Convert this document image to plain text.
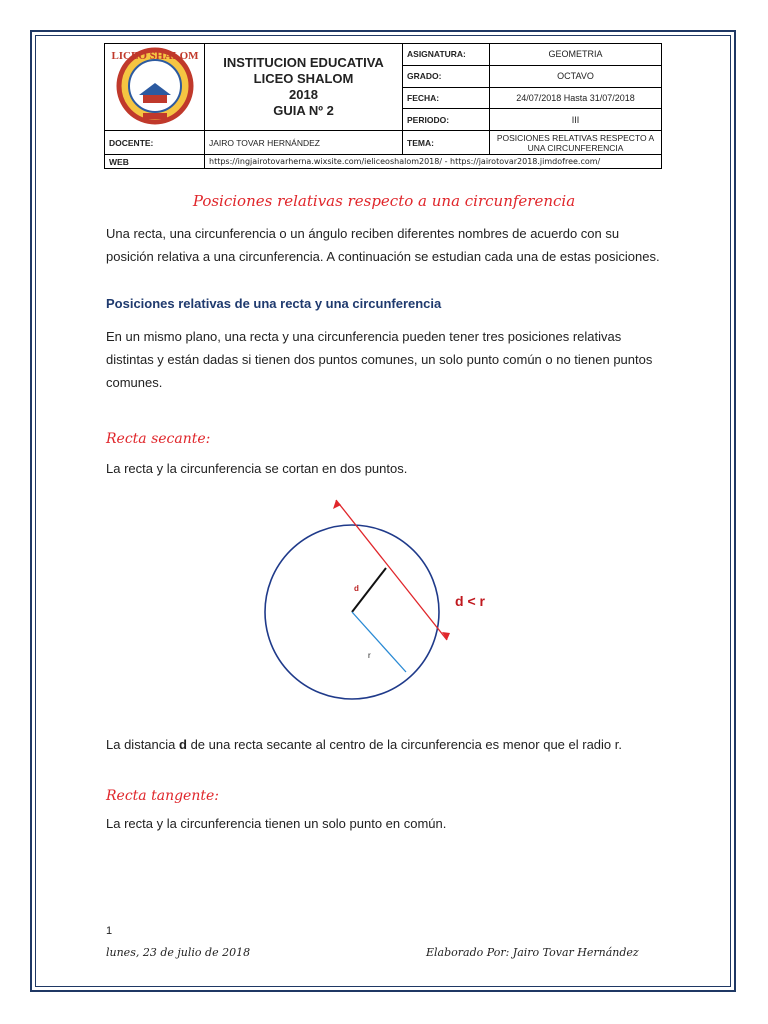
LICEO SHALOM	INSTITUCION EDUCATIVA
LICEO SHALOM
2018
GUIA Nº 2	ASIGNATURA:	GEOMETRIA
		GRADO:	OCTAVO
		FECHA:	24/07/2018 Hasta 31/07/2018
		PERIODO:	III
DOCENTE:	JAIRO TOVAR HERNÁNDEZ	TEMA:	POSICIONES RELATIVAS RESPECTO A UNA CIRCUNFERENCIA
WEB	https://ingjairotovarherna.wixsite.com/ieliceoshalom2018/ - https://jairotovar2018.jimdofree.com/		
Posiciones relativas respecto a una circunferencia
Una recta, una circunferencia o un ángulo reciben diferentes nombres de acuerdo con su posición relativa a una circunferencia. A continuación se estudian cada una de estas posiciones.
Posiciones relativas de una recta y una circunferencia
En un mismo plano, una recta y una circunferencia pueden tener tres posiciones relativas distintas y están dadas si tienen dos puntos comunes, un solo punto común o no tienen puntos comunes.
Recta secante:
La recta y la circunferencia se cortan en dos puntos.
d
r
d < r
La distancia d de una recta secante al centro de la circunferencia es menor que el radio r.
Recta tangente:
La recta y la circunferencia tienen un solo punto en común.
1
lunes, 23 de julio de 2018	Elaborado Por: Jairo Tovar Hernández
